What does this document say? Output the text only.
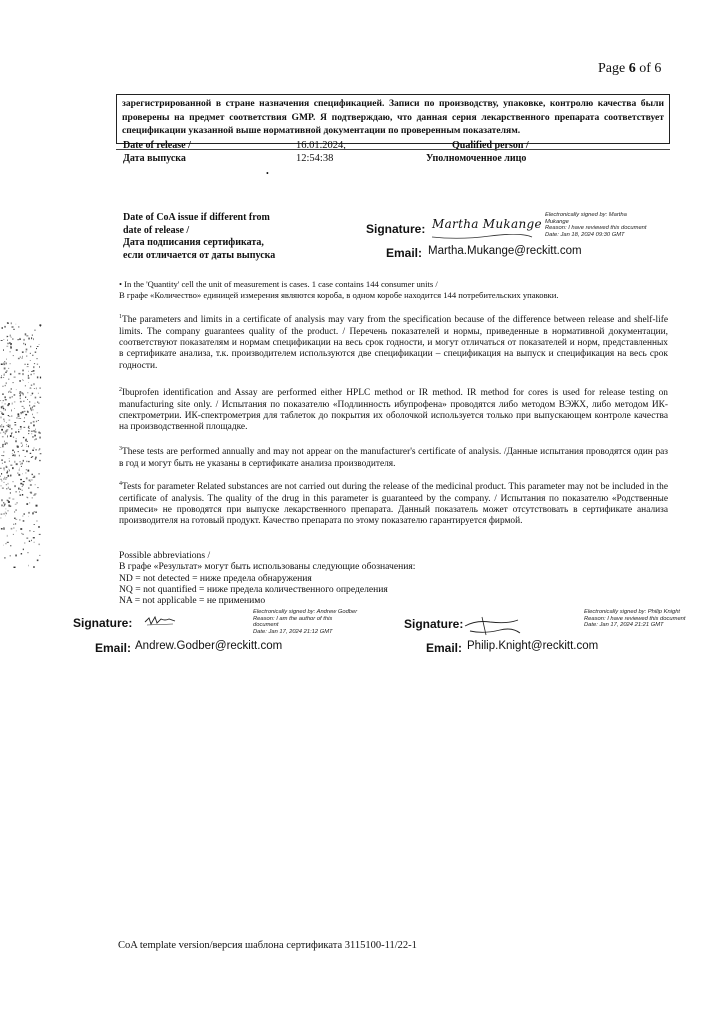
Page 6 of 6
зарегистрированной в стране назначения спецификацией. Записи по производству, упаковке, контролю качества были проверены на предмет соответствия GMP. Я подтверждаю, что данная серия лекарственного препарата соответствует спецификации указанной выше нормативной документации по проверенным показателям.
Date of release /
Дата выпуска
16.01.2024,
12:54:38
Qualified person /
Уполномоченное лицо
•
Date of CoA issue if different from
date of release /
Дата подписания сертификата,
если отличается от даты выпуска
Signature: Martha Mukange
Electronically signed by: Martha
Mukange
Reason: I have reviewed this document
Date: Jan 18, 2024 09:30 GMT
Email: Martha.Mukange@reckitt.com
• In the 'Quantity' cell the unit of measurement is cases. 1 case contains 144 consumer units /
В графе «Количество» единицей измерения являются короба, в одном коробе находится 144 потребительских упаковки.
$^1$The parameters and limits in a certificate of analysis may vary from the specification because of the difference between release and shelf-life limits. The company guarantees quality of the product. / Перечень показателей и нормы, приведенные в нормативной документации, соответствуют показателям и нормам спецификации на весь срок годности, и могут отличаться от показателей и норм, представленных в сертификате анализа, т.к. производителем используются две спецификации – спецификация на выпуск и спецификация на весь срок годности.
$^2$Ibuprofen identification and Assay are performed either HPLC method or IR method. IR method for cores is used for release testing on manufacturing site only. / Испытания по показателю «Подлинность ибупрофена» проводятся либо методом ВЭЖХ, либо методом ИК-спектрометрии. ИК-спектрометрия для таблеток до покрытия их оболочкой используется только при выпускающем контроле качества на производственной площадке.
$^3$These tests are performed annually and may not appear on the manufacturer's certificate of analysis. /Данные испытания проводятся один раз в год и могут быть не указаны в сертификате анализа производителя.
$^4$Tests for parameter Related substances are not carried out during the release of the medicinal product. This parameter may not be included in the certificate of analysis. The quality of the drug in this parameter is guaranteed by the company. / Испытания по показателю «Родственные примеси» не проводятся при выпуске лекарственного препарата. Данный показатель может отсутствовать в сертификате анализа производителя на готовый продукт. Качество препарата по этому показателю гарантируется фирмой.
Possible abbreviations /
В графе «Результат» могут быть использованы следующие обозначения:
ND = not detected = ниже предела обнаружения
NQ = not quantified = ниже предела количественного определения
NA = not applicable = не применимо
Signature:
Electronically signed by: Andrew Godber
Reason: I am the author of this
document
Date: Jan 17, 2024 21:12 GMT
Email: Andrew.Godber@reckitt.com
Signature:
Electronically signed by: Philip Knight
Reason: I have reviewed this document
Date: Jan 17, 2024 21:21 GMT
Email: Philip.Knight@reckitt.com
CoA template version/версия шаблона сертификата 3115100-11/22-1
